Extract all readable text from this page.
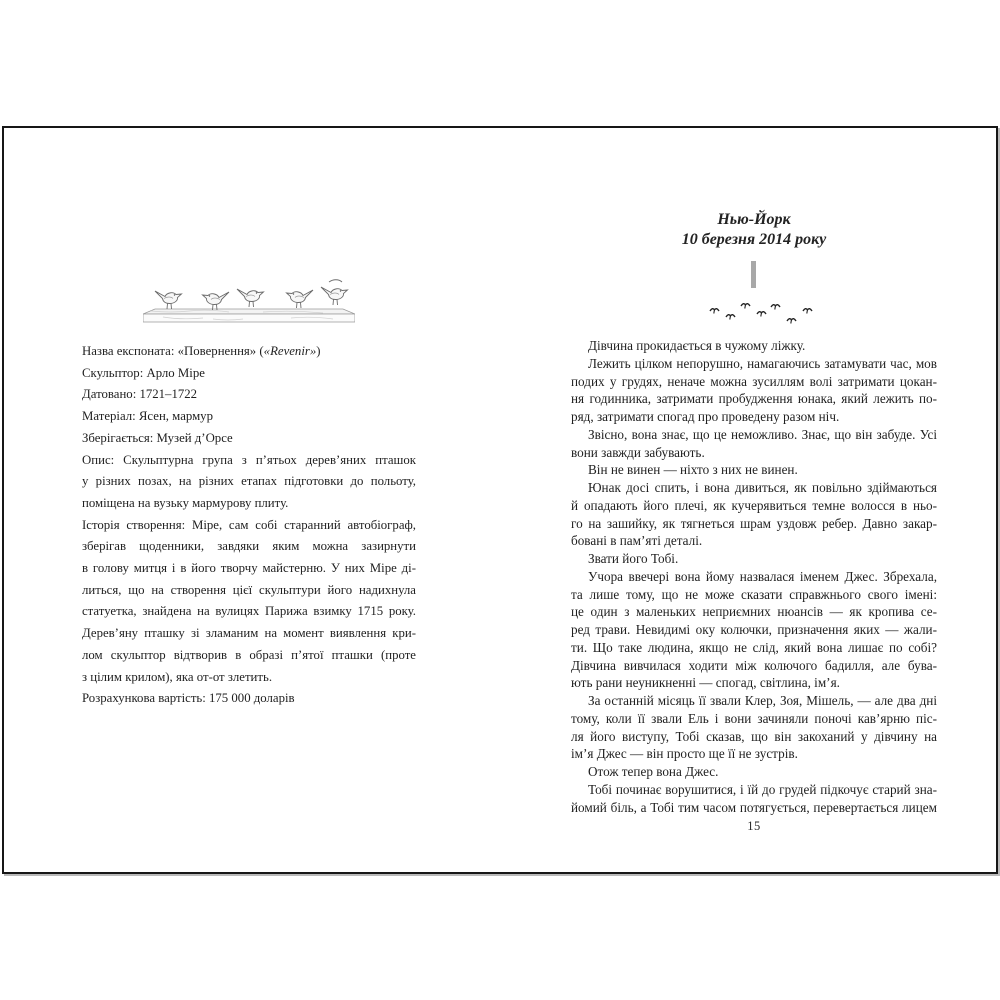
Назва експоната: «Повернення» («Revenir»)
Скульптор: Арло Міре
Датовано: 1721–1722
Матеріал: Ясен, мармур
Зберігається: Музей д’Орсе
Опис: Скульптурна група з п’ятьох дерев’яних пташок
у різних позах, на різних етапах підготовки до польоту,
поміщена на вузьку мармурову плиту.
Історія створення: Міре, сам собі старанний автобіограф,
зберігав щоденники, завдяки яким можна зазирнути
в голову митця і в його творчу майстерню. У них Міре ді-
литься, що на створення цієї скульптури його надихнула
статуетка, знайдена на вулицях Парижа взимку 1715 року.
Дерев’яну пташку зі зламаним на момент виявлення кри-
лом скульптор відтворив в образі п’ятої пташки (проте
з цілим крилом), яка от-от злетить.
Розрахункова вартість: 175 000 доларів
Нью-Йорк
10 березня 2014 року
Дівчина прокидається в чужому ліжку.
Лежить цілком непорушно, намагаючись затамувати час, мов
подих у грудях, неначе можна зусиллям волі затримати цокан-
ня годинника, затримати пробудження юнака, який лежить по-
ряд, затримати спогад про проведену разом ніч.
Звісно, вона знає, що це неможливо. Знає, що він забуде. Усі
вони завжди забувають.
Він не винен — ніхто з них не винен.
Юнак досі спить, і вона дивиться, як повільно здіймаються
й опадають його плечі, як кучерявиться темне волосся в ньо-
го на зашийку, як тягнеться шрам уздовж ребер. Давно закар-
бовані в пам’яті деталі.
Звати його Тобі.
Учора ввечері вона йому назвалася іменем Джес. Збрехала,
та лише тому, що не може сказати справжнього свого імені:
це один з маленьких неприємних нюансів — як кропива се-
ред трави. Невидимі оку колючки, призначення яких — жали-
ти. Що таке людина, якщо не слід, який вона лишає по собі?
Дівчина вивчилася ходити між колючого бадилля, але бува-
ють рани неуникненні — спогад, світлина, ім’я.
За останній місяць її звали Клер, Зоя, Мішель, — але два дні
тому, коли її звали Ель і вони зачиняли поночі кав’ярню піс-
ля його виступу, Тобі сказав, що він закоханий у дівчину на
ім’я Джес — він просто ще її не зустрів.
Отож тепер вона Джес.
Тобі починає ворушитися, і їй до грудей підкочує старий зна-
йомий біль, а Тобі тим часом потягується, перевертається лицем
15
